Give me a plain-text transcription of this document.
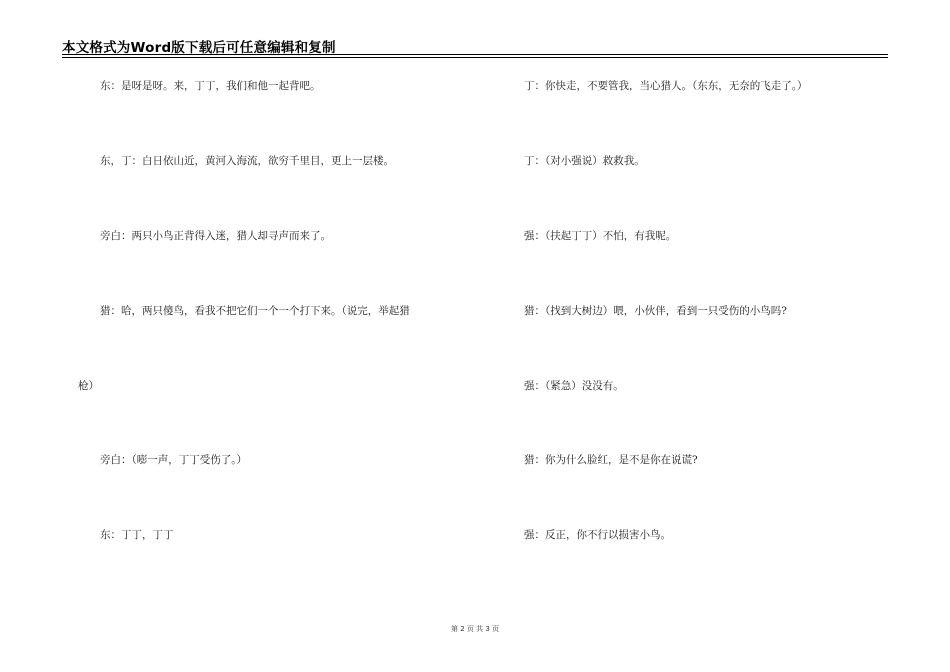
本文格式为Word版下载后可任意编辑和复制
东：是呀是呀。来，丁丁，我们和他一起背吧。
东，丁：白日依山近，黄河入海流，欲穷千里目，更上一层楼。
旁白：两只小鸟正背得入迷，猎人却寻声而来了。
猎：哈，两只傻鸟，看我不把它们一个一个打下来。（说完，举起猎
枪）
旁白：（嘭一声，丁丁受伤了。）
东：丁丁，丁丁
丁：你快走，不要管我，当心猎人。（东东，无奈的飞走了。）
丁：（对小强说）救救我。
强：（扶起丁丁）不怕，有我呢。
猎：（找到大树边）喂，小伙伴，看到一只受伤的小鸟吗?
强：（紧急）没没有。
猎：你为什么脸红，是不是你在说谎?
强：反正，你不行以损害小鸟。
第 2 页 共 3 页
